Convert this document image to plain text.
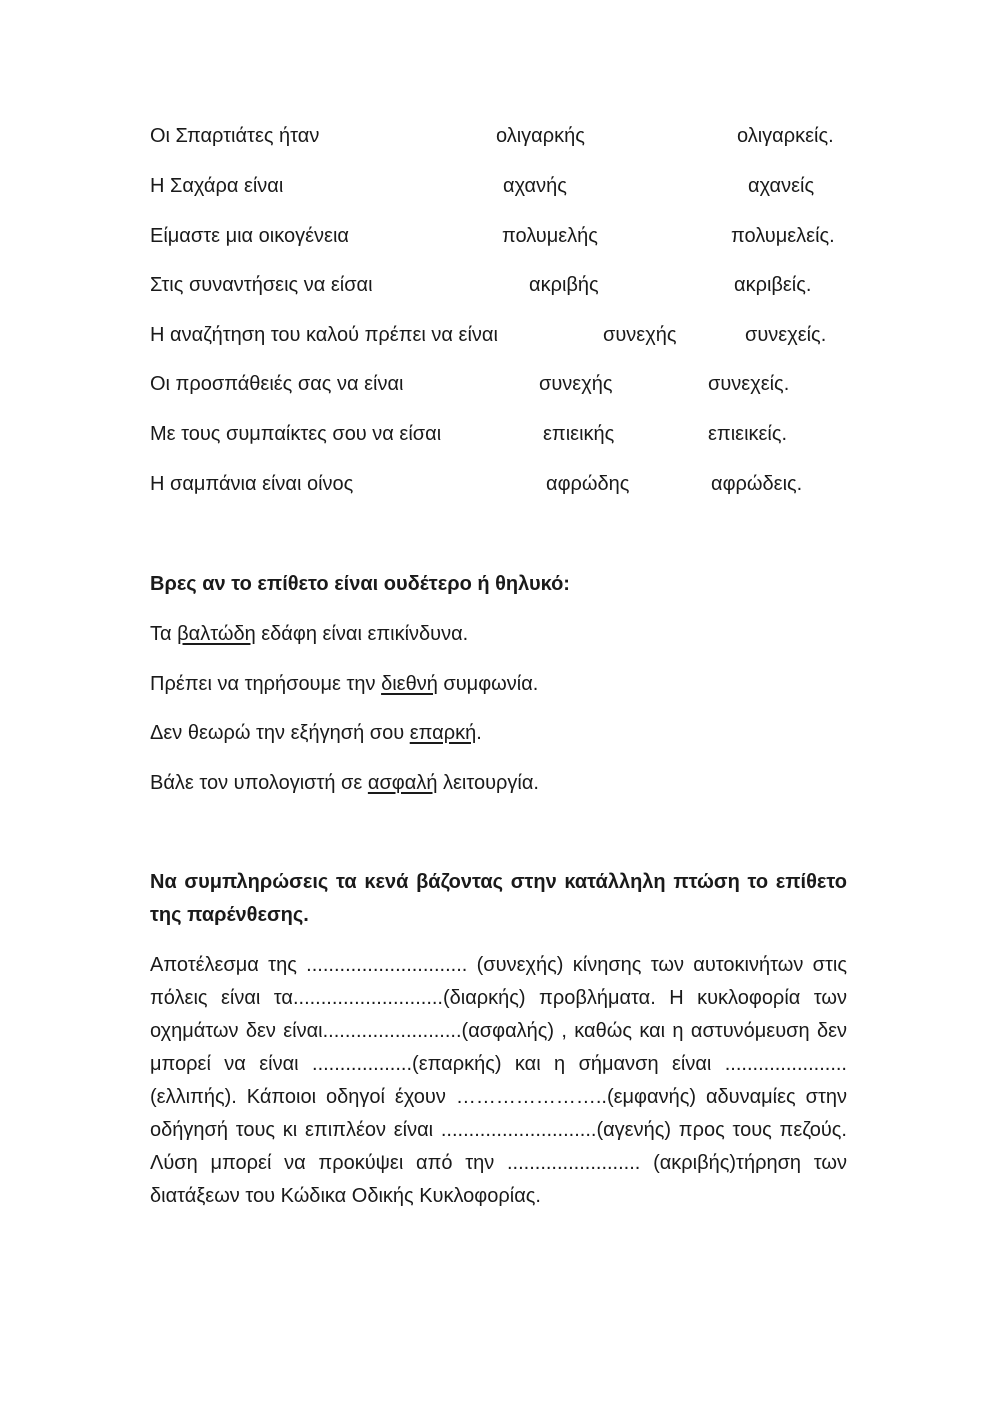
Οι Σπαρτιάτες ήταν	ολιγαρκής	ολιγαρκείς.
Η Σαχάρα είναι	αχανής	αχανείς
Είμαστε μια οικογένεια	πολυμελής	πολυμελείς.
Στις συναντήσεις να είσαι	ακριβής	ακριβείς.
Η αναζήτηση του καλού πρέπει να είναι	συνεχής	συνεχείς.
Οι προσπάθειές σας να είναι	συνεχής	συνεχείς.
Με τους συμπαίκτες σου να είσαι	επιεικής	επιεικείς.
Η σαμπάνια είναι οίνος	αφρώδης	αφρώδεις.
Βρες αν το επίθετο είναι ουδέτερο ή θηλυκό:
Τα βαλτώδη εδάφη είναι επικίνδυνα.
Πρέπει να τηρήσουμε την διεθνή συμφωνία.
Δεν θεωρώ την εξήγησή σου επαρκή.
Βάλε τον υπολογιστή σε ασφαλή λειτουργία.
Να συμπληρώσεις τα κενά βάζοντας στην κατάλληλη πτώση το επίθετο της παρένθεσης.
Αποτέλεσμα της ............................. (συνεχής) κίνησης των αυτοκινήτων στις πόλεις είναι τα...........................(διαρκής) προβλήματα. Η κυκλοφορία των οχημάτων δεν είναι.........................(ασφαλής) , καθώς και η αστυνόμευση δεν μπορεί να είναι ..................(επαρκής) και η σήμανση είναι ......................(ελλιπής). Κάποιοι οδηγοί έχουν …………………..(εμφανής) αδυναμίες στην οδήγησή τους κι επιπλέον είναι ............................(αγενής) προς τους πεζούς. Λύση μπορεί να προκύψει από την ........................ (ακριβής)τήρηση των διατάξεων του Κώδικα Οδικής Κυκλοφορίας.
